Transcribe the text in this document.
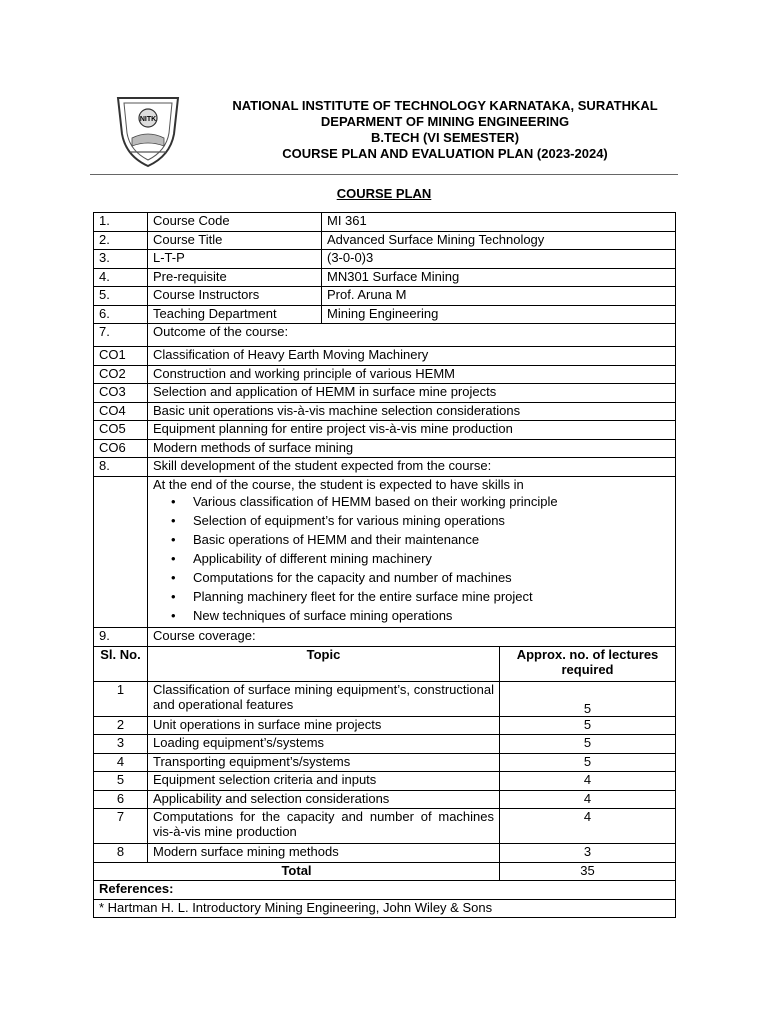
NITK
NATIONAL INSTITUTE OF TECHNOLOGY KARNATAKA, SURATHKAL
DEPARMENT OF MINING ENGINEERING
B.TECH (VI SEMESTER)
COURSE PLAN AND EVALUATION PLAN (2023-2024)
COURSE PLAN
1.	Course Code	MI 361	
2.	Course Title	Advanced Surface Mining Technology	
3.	L-T-P	(3-0-0)3	
4.	Pre-requisite	MN301 Surface Mining	
5.	Course Instructors	Prof. Aruna M	
6.	Teaching Department	Mining Engineering	
7.	Outcome of the course:		
CO1	Classification of Heavy Earth Moving Machinery		
CO2	Construction and working principle of various HEMM		
CO3	Selection and application of HEMM in surface mine projects		
CO4	Basic unit operations vis-à-vis machine selection considerations		
CO5	Equipment planning for entire project vis-à-vis mine production		
CO6	Modern methods of surface mining		
8.	Skill development of the student expected from the course:		
	At the end of the course, the student is expected to have skills in		

	• Various classification of HEMM based on their working principle		

	• Selection of equipment’s for various mining operations		

	• Basic operations of HEMM and their maintenance		

	• Applicability of different mining machinery		

	• Computations for the capacity and number of machines		

	• Planning machinery fleet for the entire surface mine project		

	• New techniques of surface mining operations		

9.	Course coverage:		
Sl. No.	Topic		Approx. no. of lectures required
1	Classification of surface mining equipment’s, constructional and operational features		5
2	Unit operations in surface mine projects		5
3	Loading equipment’s/systems		5
4	Transporting equipment’s/systems		5
5	Equipment selection criteria and inputs		4
6	Applicability and selection considerations		4
7	Computations for the capacity and number of machines vis-à-vis mine production		4
8	Modern surface mining methods		3
Total			35
References:			
* Hartman H. L. Introductory Mining Engineering, John Wiley & Sons			
